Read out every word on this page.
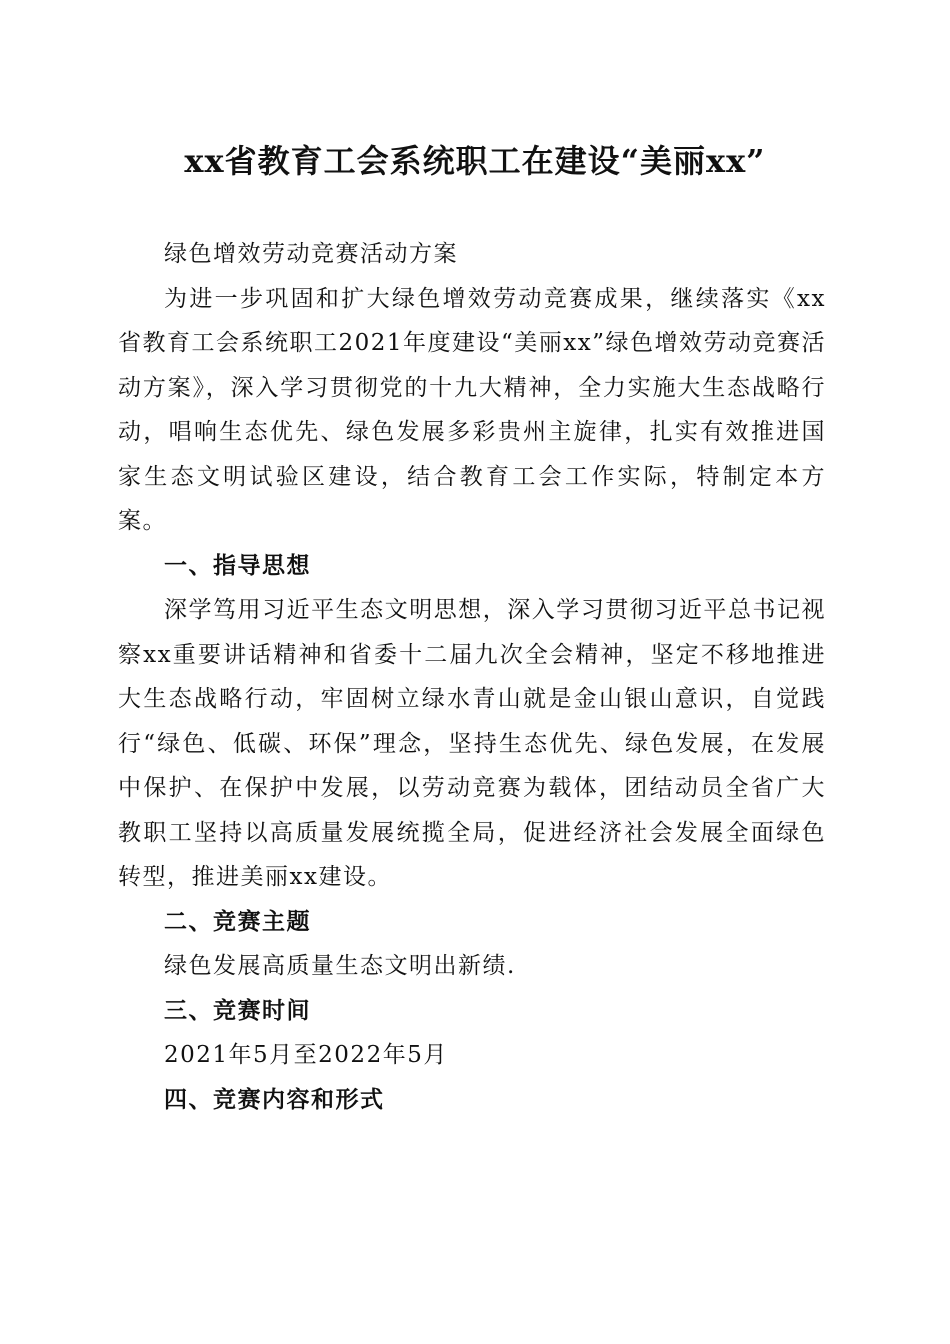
xx省教育工会系统职工在建设“美丽xx”

绿色增效劳动竞赛活动方案

为进一步巩固和扩大绿色增效劳动竞赛成果，继续落实《xx省教育工会系统职工2021年度建设“美丽xx”绿色增效劳动竞赛活动方案》，深入学习贯彻党的十九大精神，全力实施大生态战略行动，唱响生态优先、绿色发展多彩贵州主旋律，扎实有效推进国家生态文明试验区建设，结合教育工会工作实际，特制定本方案。

一、指导思想

深学笃用习近平生态文明思想，深入学习贯彻习近平总书记视察xx重要讲话精神和省委十二届九次全会精神，坚定不移地推进大生态战略行动，牢固树立绿水青山就是金山银山意识，自觉践行“绿色、低碳、环保”理念，坚持生态优先、绿色发展，在发展中保护、在保护中发展，以劳动竞赛为载体，团结动员全省广大教职工坚持以高质量发展统揽全局，促进经济社会发展全面绿色转型，推进美丽xx建设。

二、竞赛主题

绿色发展高质量生态文明出新绩.

三、竞赛时间

2021年5月至2022年5月

四、竞赛内容和形式
